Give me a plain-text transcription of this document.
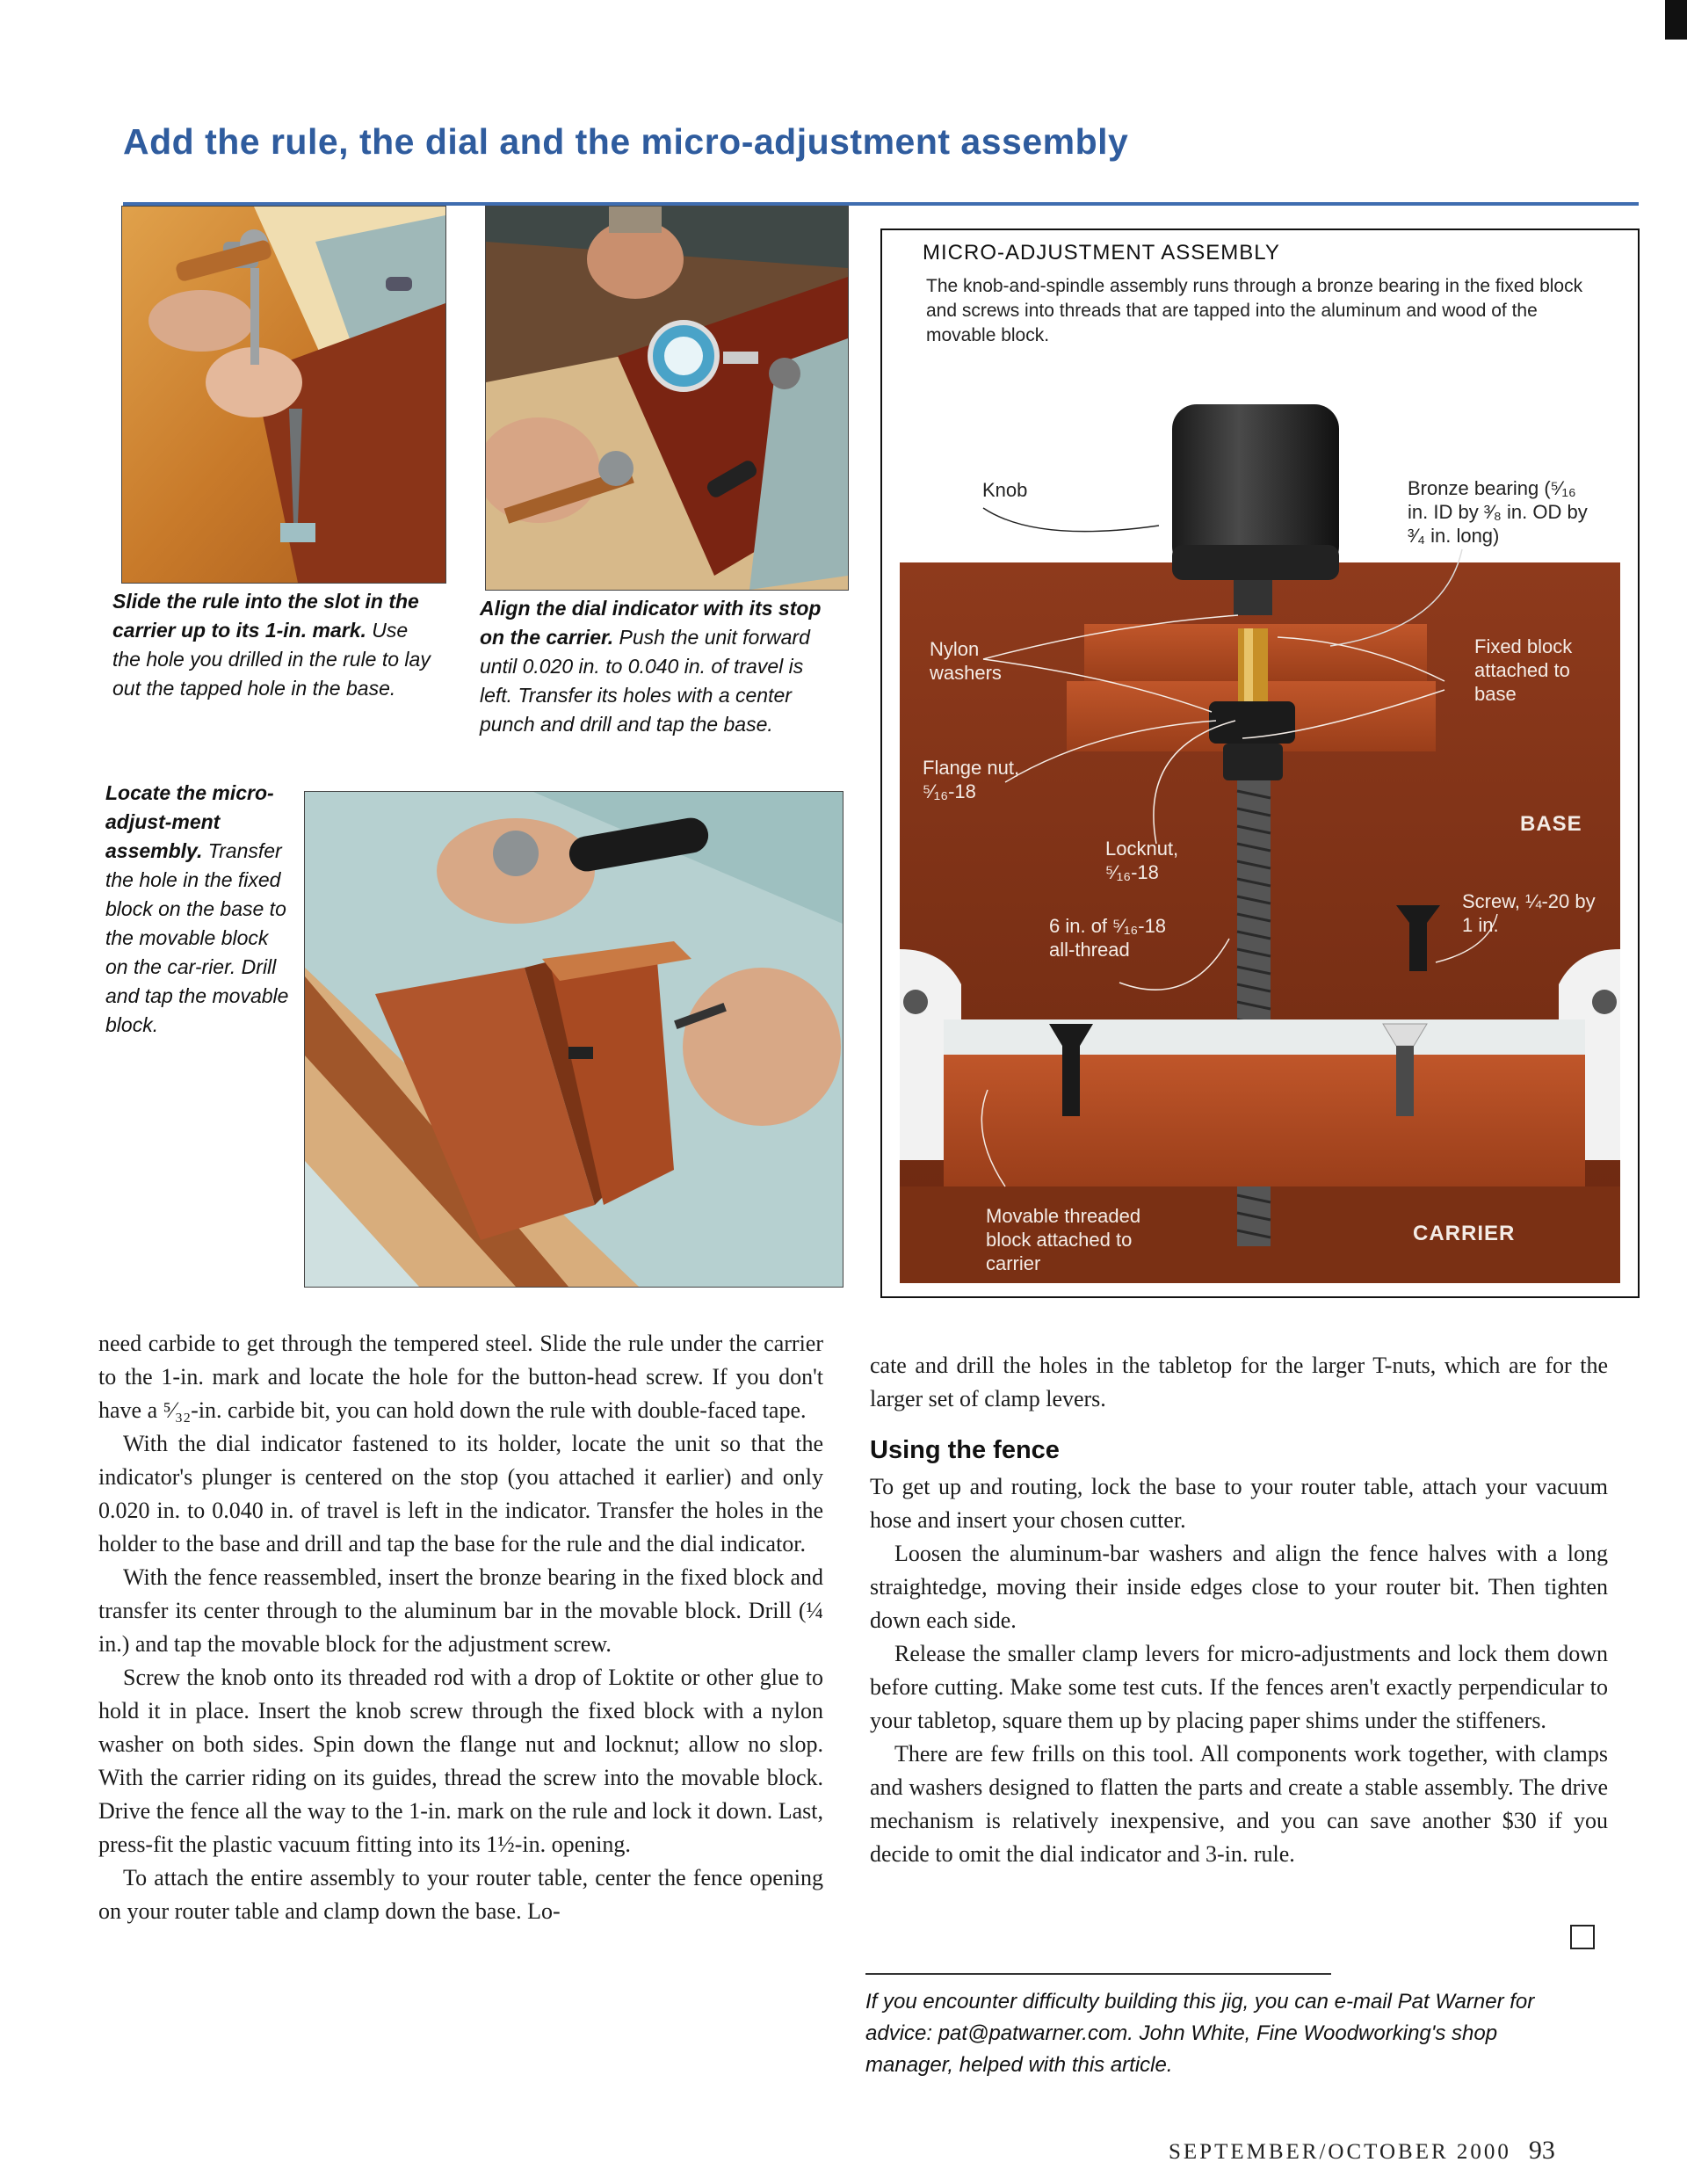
Add the rule, the dial and the micro-adjustment assembly
Slide the rule into the slot in the carrier up to its 1-in. mark. Use the hole you drilled in the rule to lay out the tapped hole in the base.
Align the dial indicator with its stop on the carrier. Push the unit forward until 0.020 in. to 0.040 in. of travel is left. Transfer its holes with a center punch and drill and tap the base.
Locate the micro-adjust-ment assembly. Transfer the hole in the fixed block on the base to the movable block on the car-rier. Drill and tap the movable block.
MICRO-ADJUSTMENT ASSEMBLY
The knob-and-spindle assembly runs through a bronze bearing in the fixed block and screws into threads that are tapped into the aluminum and wood of the movable block.
Knob	Bronze bearing (⁵⁄₁₆ in. ID by ³⁄₈ in. OD by ³⁄₄ in. long)
Nylon washers
Fixed block attached to base
Flange nut, ⁵⁄₁₆-18
BASE
Locknut, ⁵⁄₁₆-18
Screw, ¼-20 by 1 in.
6 in. of ⁵⁄₁₆-18 all-thread
Movable threaded block attached to carrier
CARRIER

need carbide to get through the tempered steel. Slide the rule under the carrier to the 1-in. mark and locate the hole for the button-head screw. If you don't have a ⁵⁄₃₂-in. carbide bit, you can hold down the rule with double-faced tape.

With the dial indicator fastened to its holder, locate the unit so that the indicator's plunger is centered on the stop (you attached it earlier) and only 0.020 in. to 0.040 in. of travel is left in the indicator. Transfer the holes in the holder to the base and drill and tap the base for the rule and the dial indicator.

With the fence reassembled, insert the bronze bearing in the fixed block and transfer its center through to the aluminum bar in the movable block. Drill (¼ in.) and tap the movable block for the adjustment screw.

Screw the knob onto its threaded rod with a drop of Loktite or other glue to hold it in place. Insert the knob screw through the fixed block with a nylon washer on both sides. Spin down the flange nut and locknut; allow no slop. With the carrier riding on its guides, thread the screw into the movable block. Drive the fence all the way to the 1-in. mark on the rule and lock it down. Last, press-fit the plastic vacuum fitting into its 1½-in. opening.

To attach the entire assembly to your router table, center the fence opening on your router table and clamp down the base. Lo-

cate and drill the holes in the tabletop for the larger T-nuts, which are for the larger set of clamp levers.

Using the fence

To get up and routing, lock the base to your router table, attach your vacuum hose and insert your chosen cutter.

Loosen the aluminum-bar washers and align the fence halves with a long straightedge, moving their inside edges close to your router bit. Then tighten down each side.

Release the smaller clamp levers for micro-adjustments and lock them down before cutting. Make some test cuts. If the fences aren't exactly perpendicular to your tabletop, square them up by placing paper shims under the stiffeners.

There are few frills on this tool. All components work together, with clamps and washers designed to flatten the parts and create a stable assembly. The drive mechanism is relatively inexpensive, and you can save another $30 if you decide to omit the dial indicator and 3-in. rule.

If you encounter difficulty building this jig, you can e-mail Pat Warner for advice: pat@patwarner.com. John White, Fine Woodworking's shop manager, helped with this article.
SEPTEMBER/OCTOBER 2000 93
